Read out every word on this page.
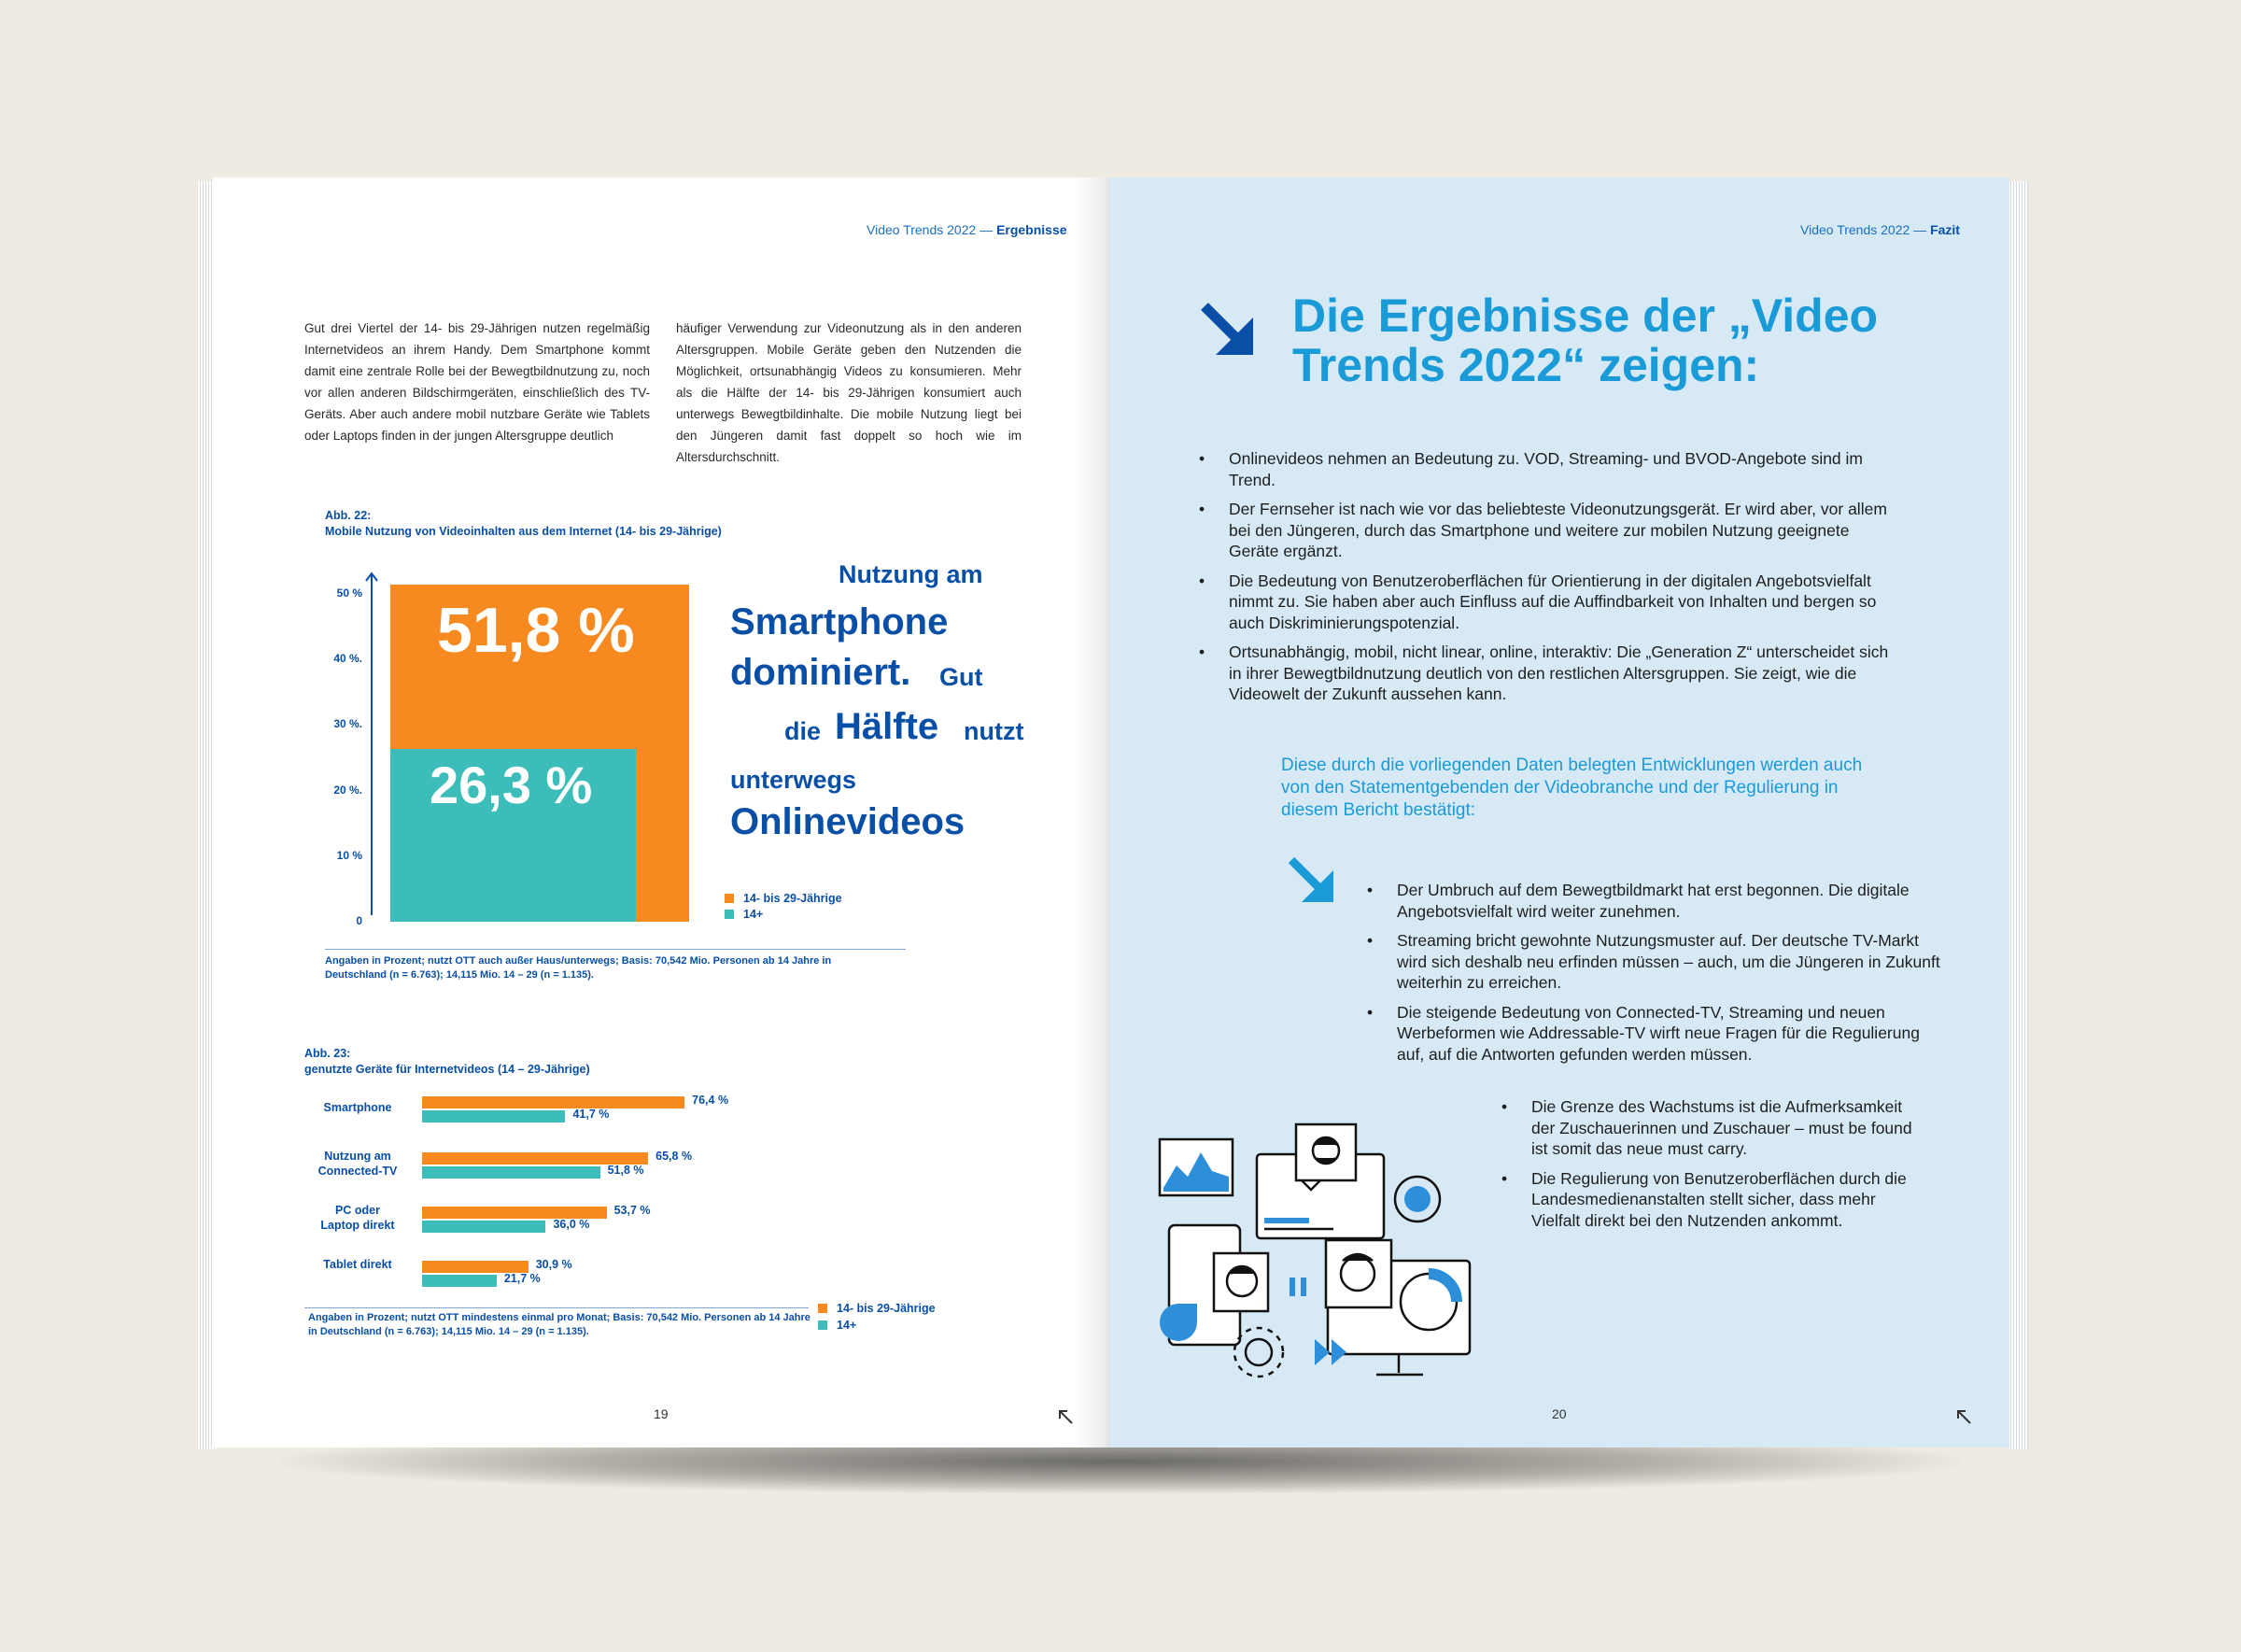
Video Trends 2022 — Ergebnisse
Gut drei Viertel der 14- bis 29-Jährigen nutzen regelmäßig Internetvideos an ihrem Handy. Dem Smartphone kommt damit eine zentrale Rolle bei der Bewegtbildnutzung zu, noch vor allen anderen Bildschirmgeräten, einschließlich des TV-Geräts. Aber auch andere mobil nutzbare Geräte wie Tablets oder Laptops finden in der jungen Altersgruppe deutlich
häufiger Verwendung zur Videonutzung als in den anderen Altersgruppen. Mobile Geräte geben den Nutzenden die Möglichkeit, ortsunabhängig Videos zu konsumieren. Mehr als die Hälfte der 14- bis 29-Jährigen konsumiert auch unterwegs Bewegtbildinhalte. Die mobile Nutzung liegt bei den Jüngeren damit fast doppelt so hoch wie im Altersdurchschnitt.
Abb. 22:
Mobile Nutzung von Videoinhalten aus dem Internet (14- bis 29-Jährige)
50 %
40 %.
30 %.
20 %.
10 %
0
51,8 %
26,3 %
Nutzung am
Smartphone
dominiert. Gut
die Hälfte nutzt
unterwegs
Onlinevideos
14- bis 29-Jährige
14+
Angaben in Prozent; nutzt OTT auch außer Haus/unterwegs; Basis: 70,542 Mio. Personen ab 14 Jahre in Deutschland (n = 6.763); 14,115 Mio. 14 – 29 (n = 1.135).
Abb. 23:
genutzte Geräte für Internetvideos (14 – 29-Jährige)
Smartphone
76,4 %
41,7 %
Nutzung am
Connected-TV
65,8 %
51,8 %
PC oder
Laptop direkt
53,7 %
36,0 %
Tablet direkt	30,9 %
21,7 %
Angaben in Prozent; nutzt OTT mindestens einmal pro Monat; Basis: 70,542 Mio. Personen ab 14 Jahre in Deutschland (n = 6.763); 14,115 Mio. 14 – 29 (n = 1.135).
14- bis 29-Jährige
14+
19
Video Trends 2022 — Fazit
Die Ergebnisse der „Video
Trends 2022“ zeigen:
• Onlinevideos nehmen an Bedeutung zu. VOD, Streaming- und BVOD-Angebote sind im Trend.
• Der Fernseher ist nach wie vor das beliebteste Videonutzungsgerät. Er wird aber, vor allem bei den Jüngeren, durch das Smartphone und weitere zur mobilen Nutzung geeignete Geräte ergänzt.
• Die Bedeutung von Benutzeroberflächen für Orientierung in der digitalen Angebotsvielfalt nimmt zu. Sie haben aber auch Einfluss auf die Auffindbarkeit von Inhalten und bergen so auch Diskriminierungspotenzial.
• Ortsunabhängig, mobil, nicht linear, online, interaktiv: Die „Generation Z“ unterscheidet sich in ihrer Bewegtbildnutzung deutlich von den restlichen Altersgruppen. Sie zeigt, wie die Videowelt der Zukunft aussehen kann.
Diese durch die vorliegenden Daten belegten Entwicklungen werden auch von den Statementgebenden der Videobranche und der Regulierung in diesem Bericht bestätigt:
• Der Umbruch auf dem Bewegtbildmarkt hat erst begonnen. Die digitale Angebotsvielfalt wird weiter zunehmen.
• Streaming bricht gewohnte Nutzungsmuster auf. Der deutsche TV-Markt wird sich deshalb neu erfinden müssen – auch, um die Jüngeren in Zukunft weiterhin zu erreichen.
• Die steigende Bedeutung von Connected-TV, Streaming und neuen Werbeformen wie Addressable-TV wirft neue Fragen für die Regulierung auf, auf die Antworten gefunden werden müssen.
• Die Grenze des Wachstums ist die Aufmerksamkeit der Zuschauerinnen und Zuschauer – must be found ist somit das neue must carry.
• Die Regulierung von Benutzeroberflächen durch die Landesmedienanstalten stellt sicher, dass mehr Vielfalt direkt bei den Nutzenden ankommt.
20
